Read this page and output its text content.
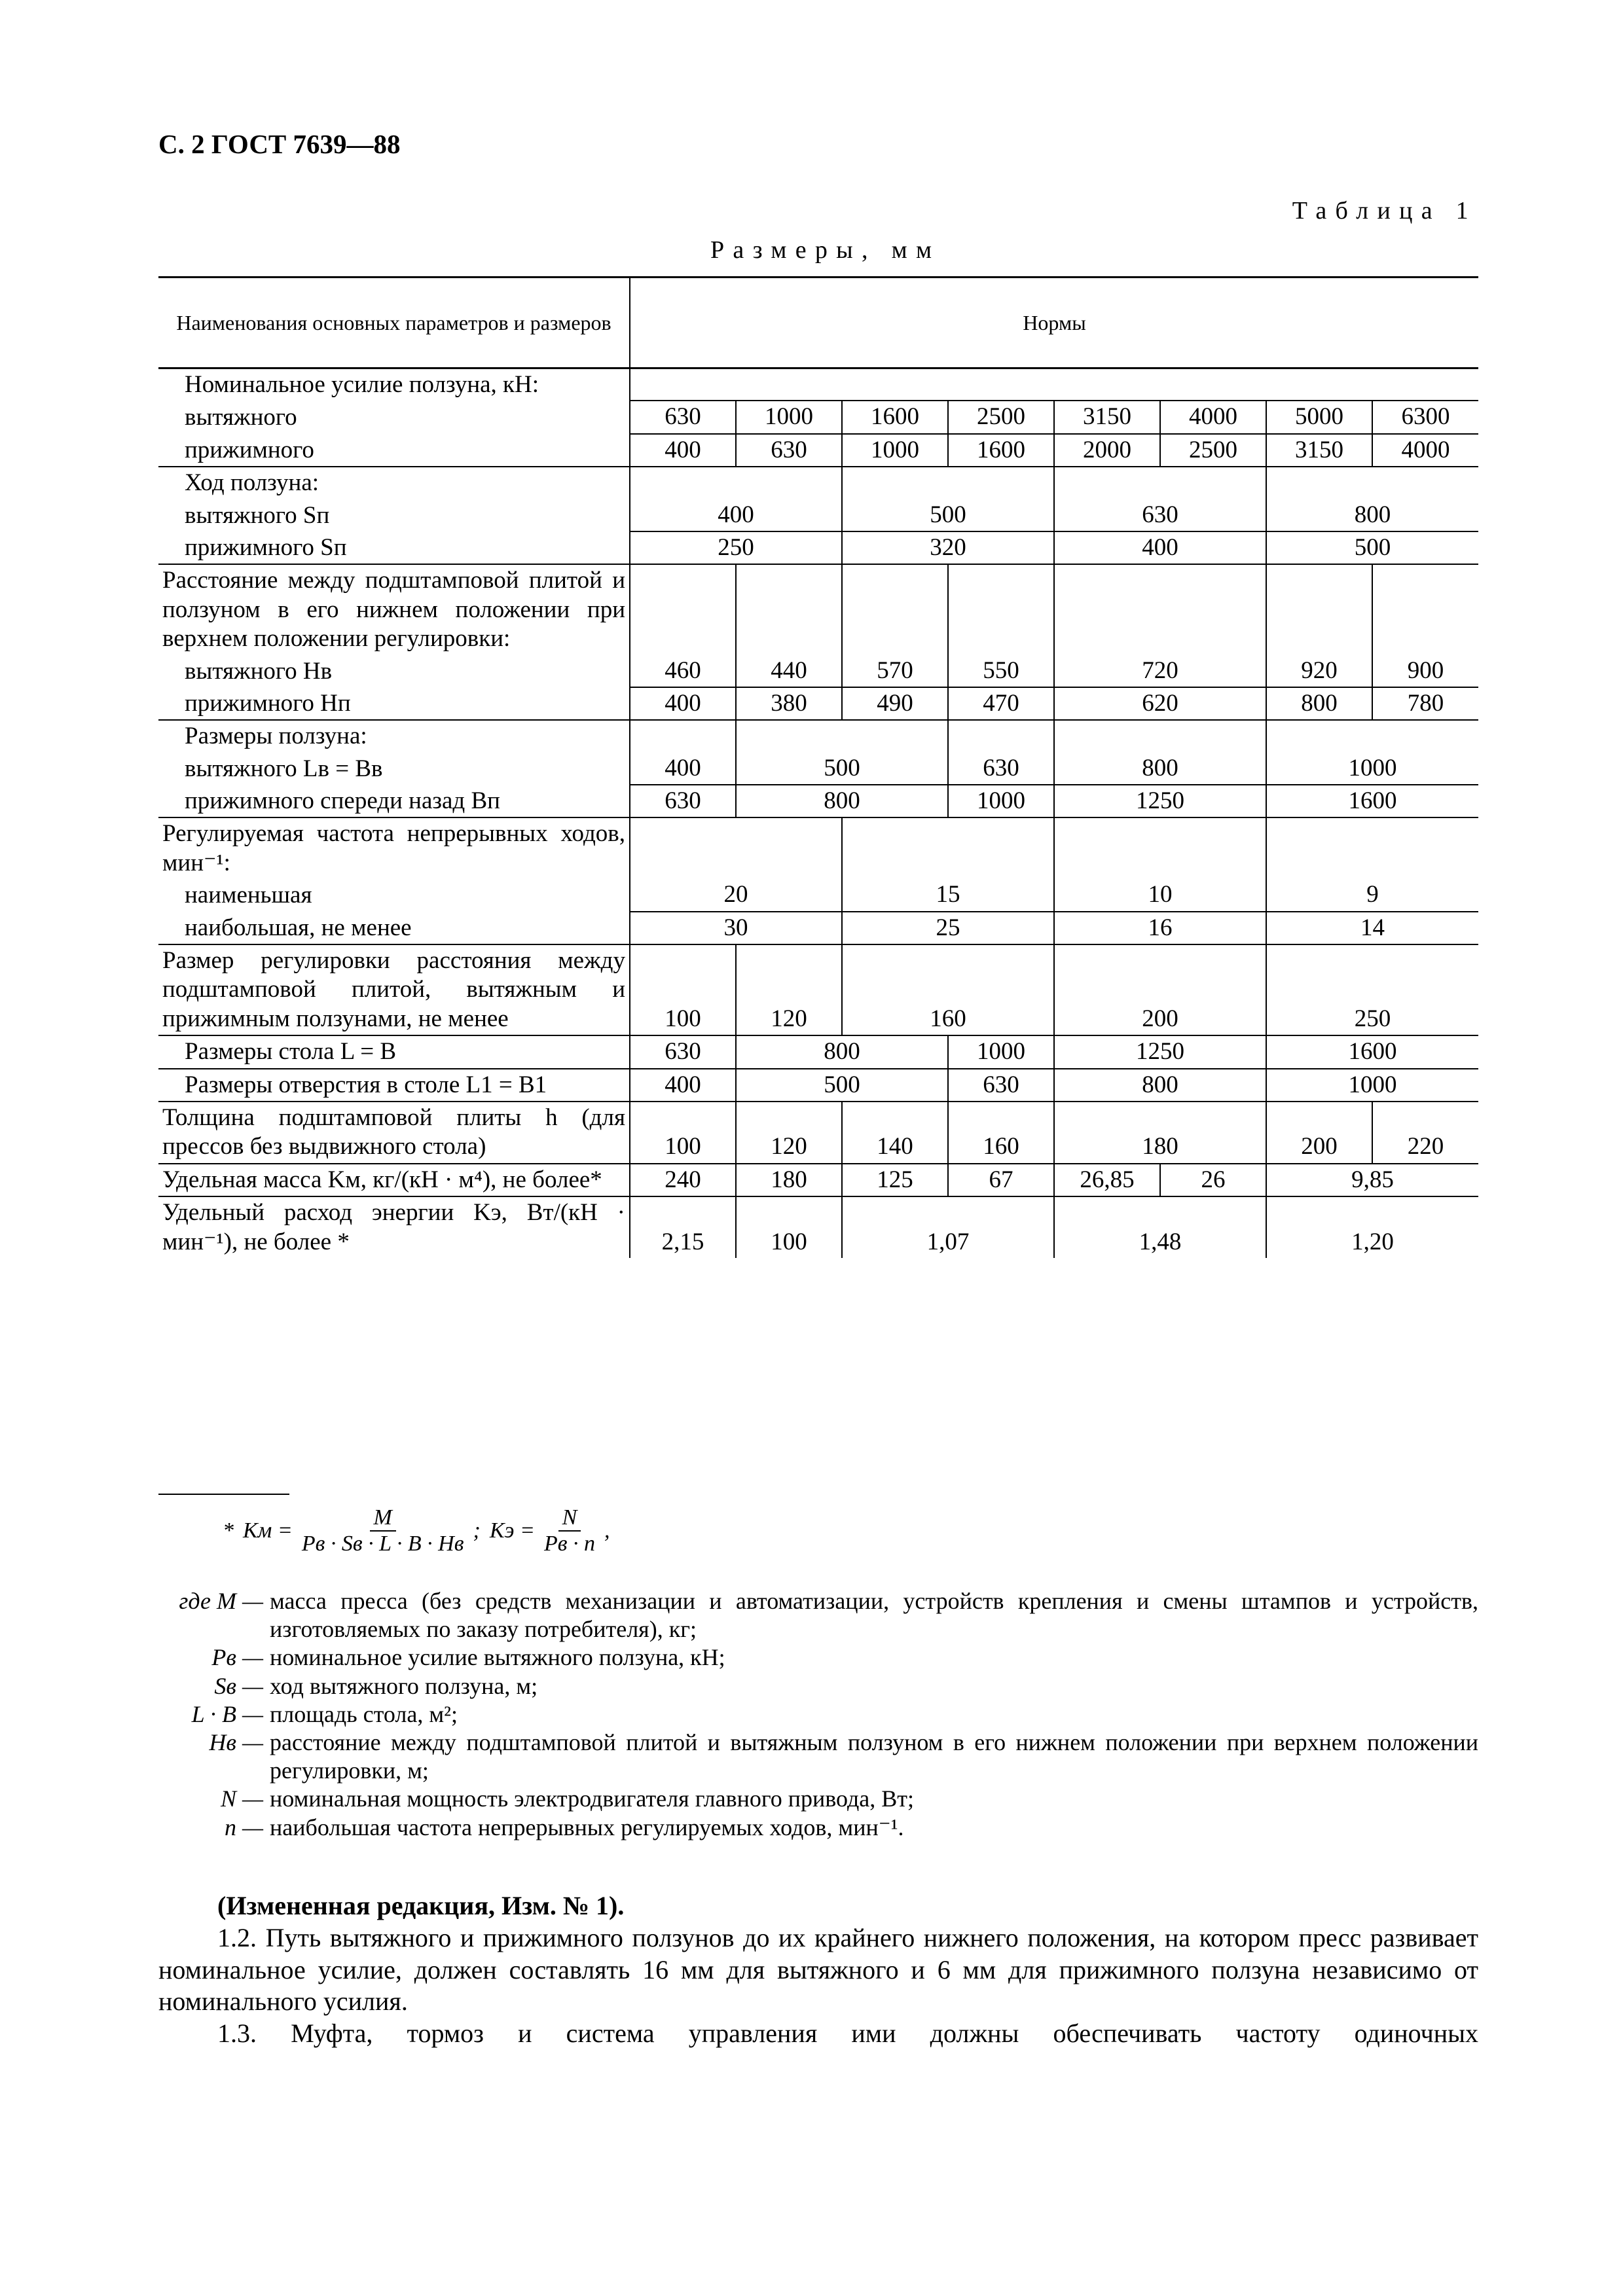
С. 2 ГОСТ 7639—88
Таблица 1
Размеры, мм
Наименования основных параметров и размеров	Нормы							
Номинальное усилие ползуна, кН:								
вытяжного	630	1000	1600	2500	3150	4000	5000	6300
прижимного	400	630	1000	1600	2000	2500	3150	4000
Ход ползуна:								
вытяжного Sп	400		500		630		800	
прижимного Sп	250		320		400		500	
Расстояние между подштамповой плитой и ползуном в его нижнем положении при верхнем положении регулировки:								
вытяжного Hв	460	440	570	550	720		920	900
прижимного Hп	400	380	490	470	620		800	780
Размеры ползуна:								
вытяжного Lв = Bв	400	500		630	800		1000	
прижимного спереди назад Bп	630	800		1000	1250		1600	
Регулируемая частота непрерывных ходов, мин⁻¹:								
наименьшая	20		15		10		9	
наибольшая, не менее	30		25		16		14	
Размер регулировки расстояния между подштамповой плитой, вытяжным и прижимным ползунами, не менее	100	120	160		200		250	
Размеры стола L = B	630	800		1000	1250		1600	
Размеры отверстия в столе L1 = B1	400	500		630	800		1000	
Толщина подштамповой плиты h (для прессов без выдвижного стола)	100	120	140	160	180		200	220
Удельная масса Kм, кг/(кН · м⁴), не более*	240	180	125	67	26,85	26	9,85	
Удельный расход энергии Kэ, Вт/(кН · мин⁻¹), не более *	2,15	100	1,07		1,48		1,20	
* Kм = $\frac{M}{Pв \cdot Sв \cdot L \cdot B \cdot Hв}$ ; Kэ = $\frac{N}{Pв \cdot n}$ ,
где M — масса пресса (без средств механизации и автоматизации, устройств крепления и смены штампов и устройств, изготовляемых по заказу потребителя), кг;
Pв — номинальное усилие вытяжного ползуна, кН;
Sв — ход вытяжного ползуна, м;
L · B — площадь стола, м²;
Hв — расстояние между подштамповой плитой и вытяжным ползуном в его нижнем положении при верхнем положении регулировки, м;
N — номинальная мощность электродвигателя главного привода, Вт;
n — наибольшая частота непрерывных регулируемых ходов, мин⁻¹.
(Измененная редакция, Изм. № 1).

1.2. Путь вытяжного и прижимного ползунов до их крайнего нижнего положения, на котором пресс развивает номинальное усилие, должен составлять 16 мм для вытяжного и 6 мм для прижимного ползуна независимо от номинального усилия.

1.3. Муфта, тормоз и система управления ими должны обеспечивать частоту одиночных
